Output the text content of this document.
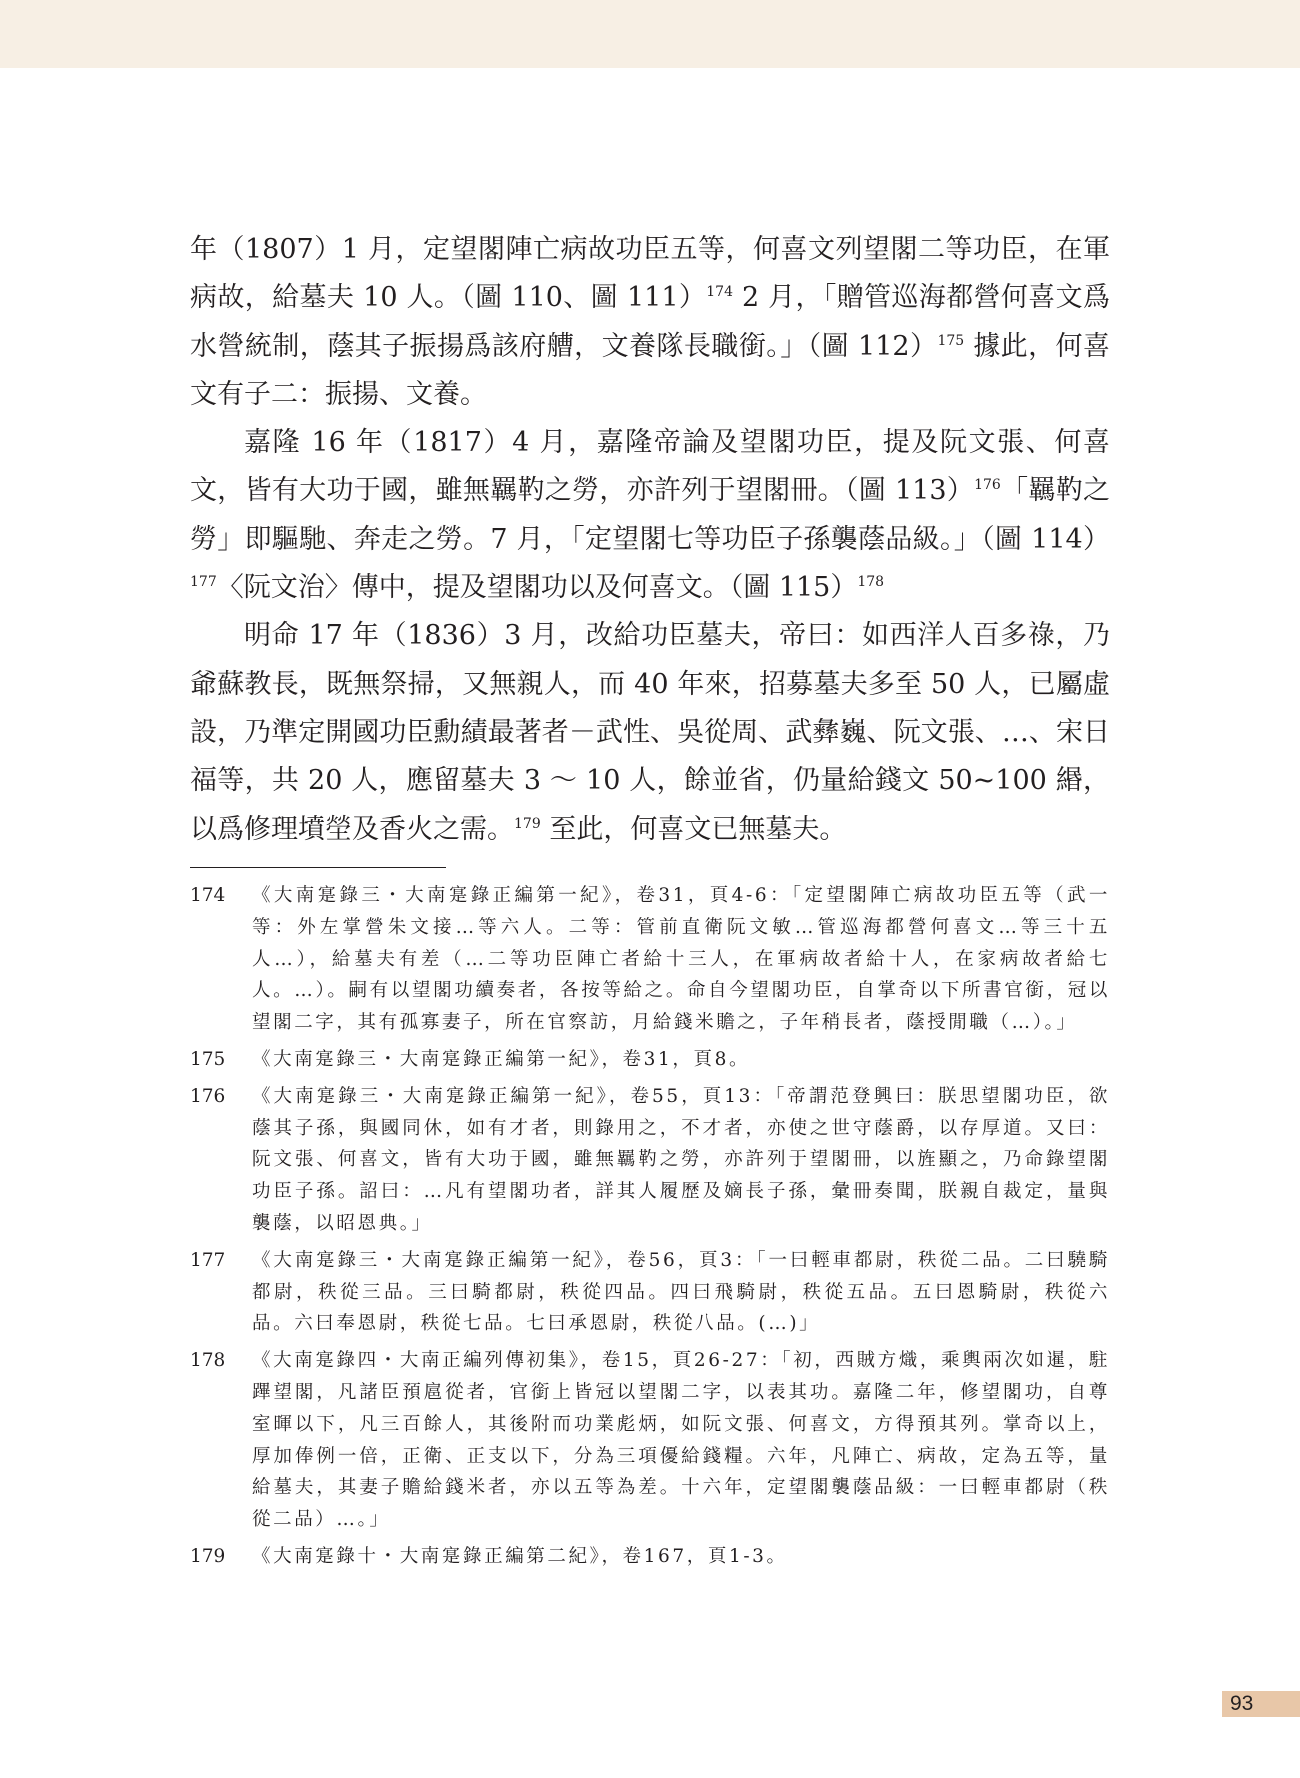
年（1807）1 月，定望閣陣亡病故功臣五等，何喜文列望閣二等功臣，在軍病故，給墓夫 10 人。（圖 110、圖 111）$^{174}$ 2 月，「贈管巡海都營何喜文爲水營統制，蔭其子振揚爲該府艚，文養隊長職銜。」（圖 112）$^{175}$ 據此，何喜文有子二：振揚、文養。

嘉隆 16 年（1817）4 月，嘉隆帝論及望閣功臣，提及阮文張、何喜文，皆有大功于國，雖無羈靮之勞，亦許列于望閣冊。（圖 113）$^{176}$「羈靮之勞」即驅馳、奔走之勞。7 月，「定望閣七等功臣子孫襲蔭品級。」（圖 114）$^{177}$〈阮文治〉傳中，提及望閣功以及何喜文。（圖 115）$^{178}$

明命 17 年（1836）3 月，改給功臣墓夫，帝曰：如西洋人百多祿，乃爺蘇教長，既無祭掃，又無親人，而 40 年來，招募墓夫多至 50 人，已屬虛設，乃準定開國功臣勳績最著者－武性、吳從周、武彝巍、阮文張、…、宋日福等，共 20 人，應留墓夫 3 ～ 10 人，餘並省，仍量給錢文 50~100 緡，以爲修理墳塋及香火之需。$^{179}$ 至此，何喜文已無墓夫。

174	《大南寔錄三・大南寔錄正編第一紀》，卷31，頁4-6：「定望閣陣亡病故功臣五等（武一等：外左掌營朱文接…等六人。二等：管前直衛阮文敏…管巡海都營何喜文…等三十五人…），給墓夫有差（…二等功臣陣亡者給十三人，在軍病故者給十人，在家病故者給七人。…）。嗣有以望閣功續奏者，各按等給之。命自今望閣功臣，自掌奇以下所書官銜，冠以望閣二字，其有孤寡妻子，所在官察訪，月給錢米贍之，子年稍長者，蔭授閒職（…）。」
175	《大南寔錄三・大南寔錄正編第一紀》，卷31，頁8。
176	《大南寔錄三・大南寔錄正編第一紀》，卷55，頁13：「帝謂范登興曰：朕思望閣功臣，欲蔭其子孫，與國同休，如有才者，則錄用之，不才者，亦使之世守蔭爵，以存厚道。又曰：阮文張、何喜文，皆有大功于國，雖無羈靮之勞，亦許列于望閣冊，以旌顯之，乃命錄望閣功臣子孫。詔曰：…凡有望閣功者，詳其人履歷及嫡長子孫，彙冊奏聞，朕親自裁定，量與襲蔭，以昭恩典。」
177	《大南寔錄三・大南寔錄正編第一紀》，卷56，頁3：「一曰輕車都尉，秩從二品。二曰驍騎都尉，秩從三品。三曰騎都尉，秩從四品。四曰飛騎尉，秩從五品。五曰恩騎尉，秩從六品。六曰奉恩尉，秩從七品。七曰承恩尉，秩從八品。(…)」
178	《大南寔錄四・大南正編列傳初集》，卷15，頁26-27：「初，西賊方熾，乘輿兩次如暹，駐蹕望閣，凡諸臣預扈從者，官銜上皆冠以望閣二字，以表其功。嘉隆二年，修望閣功，自尊室暉以下，凡三百餘人，其後附而功業彪炳，如阮文張、何喜文，方得預其列。掌奇以上，厚加俸例一倍，正衛、正支以下，分為三項優給錢糧。六年，凡陣亡、病故，定為五等，量給墓夫，其妻子贍給錢米者，亦以五等為差。十六年，定望閣襲蔭品級：一曰輕車都尉（秩從二品）…。」
179	《大南寔錄十・大南寔錄正編第二紀》，卷167，頁1-3。
93
